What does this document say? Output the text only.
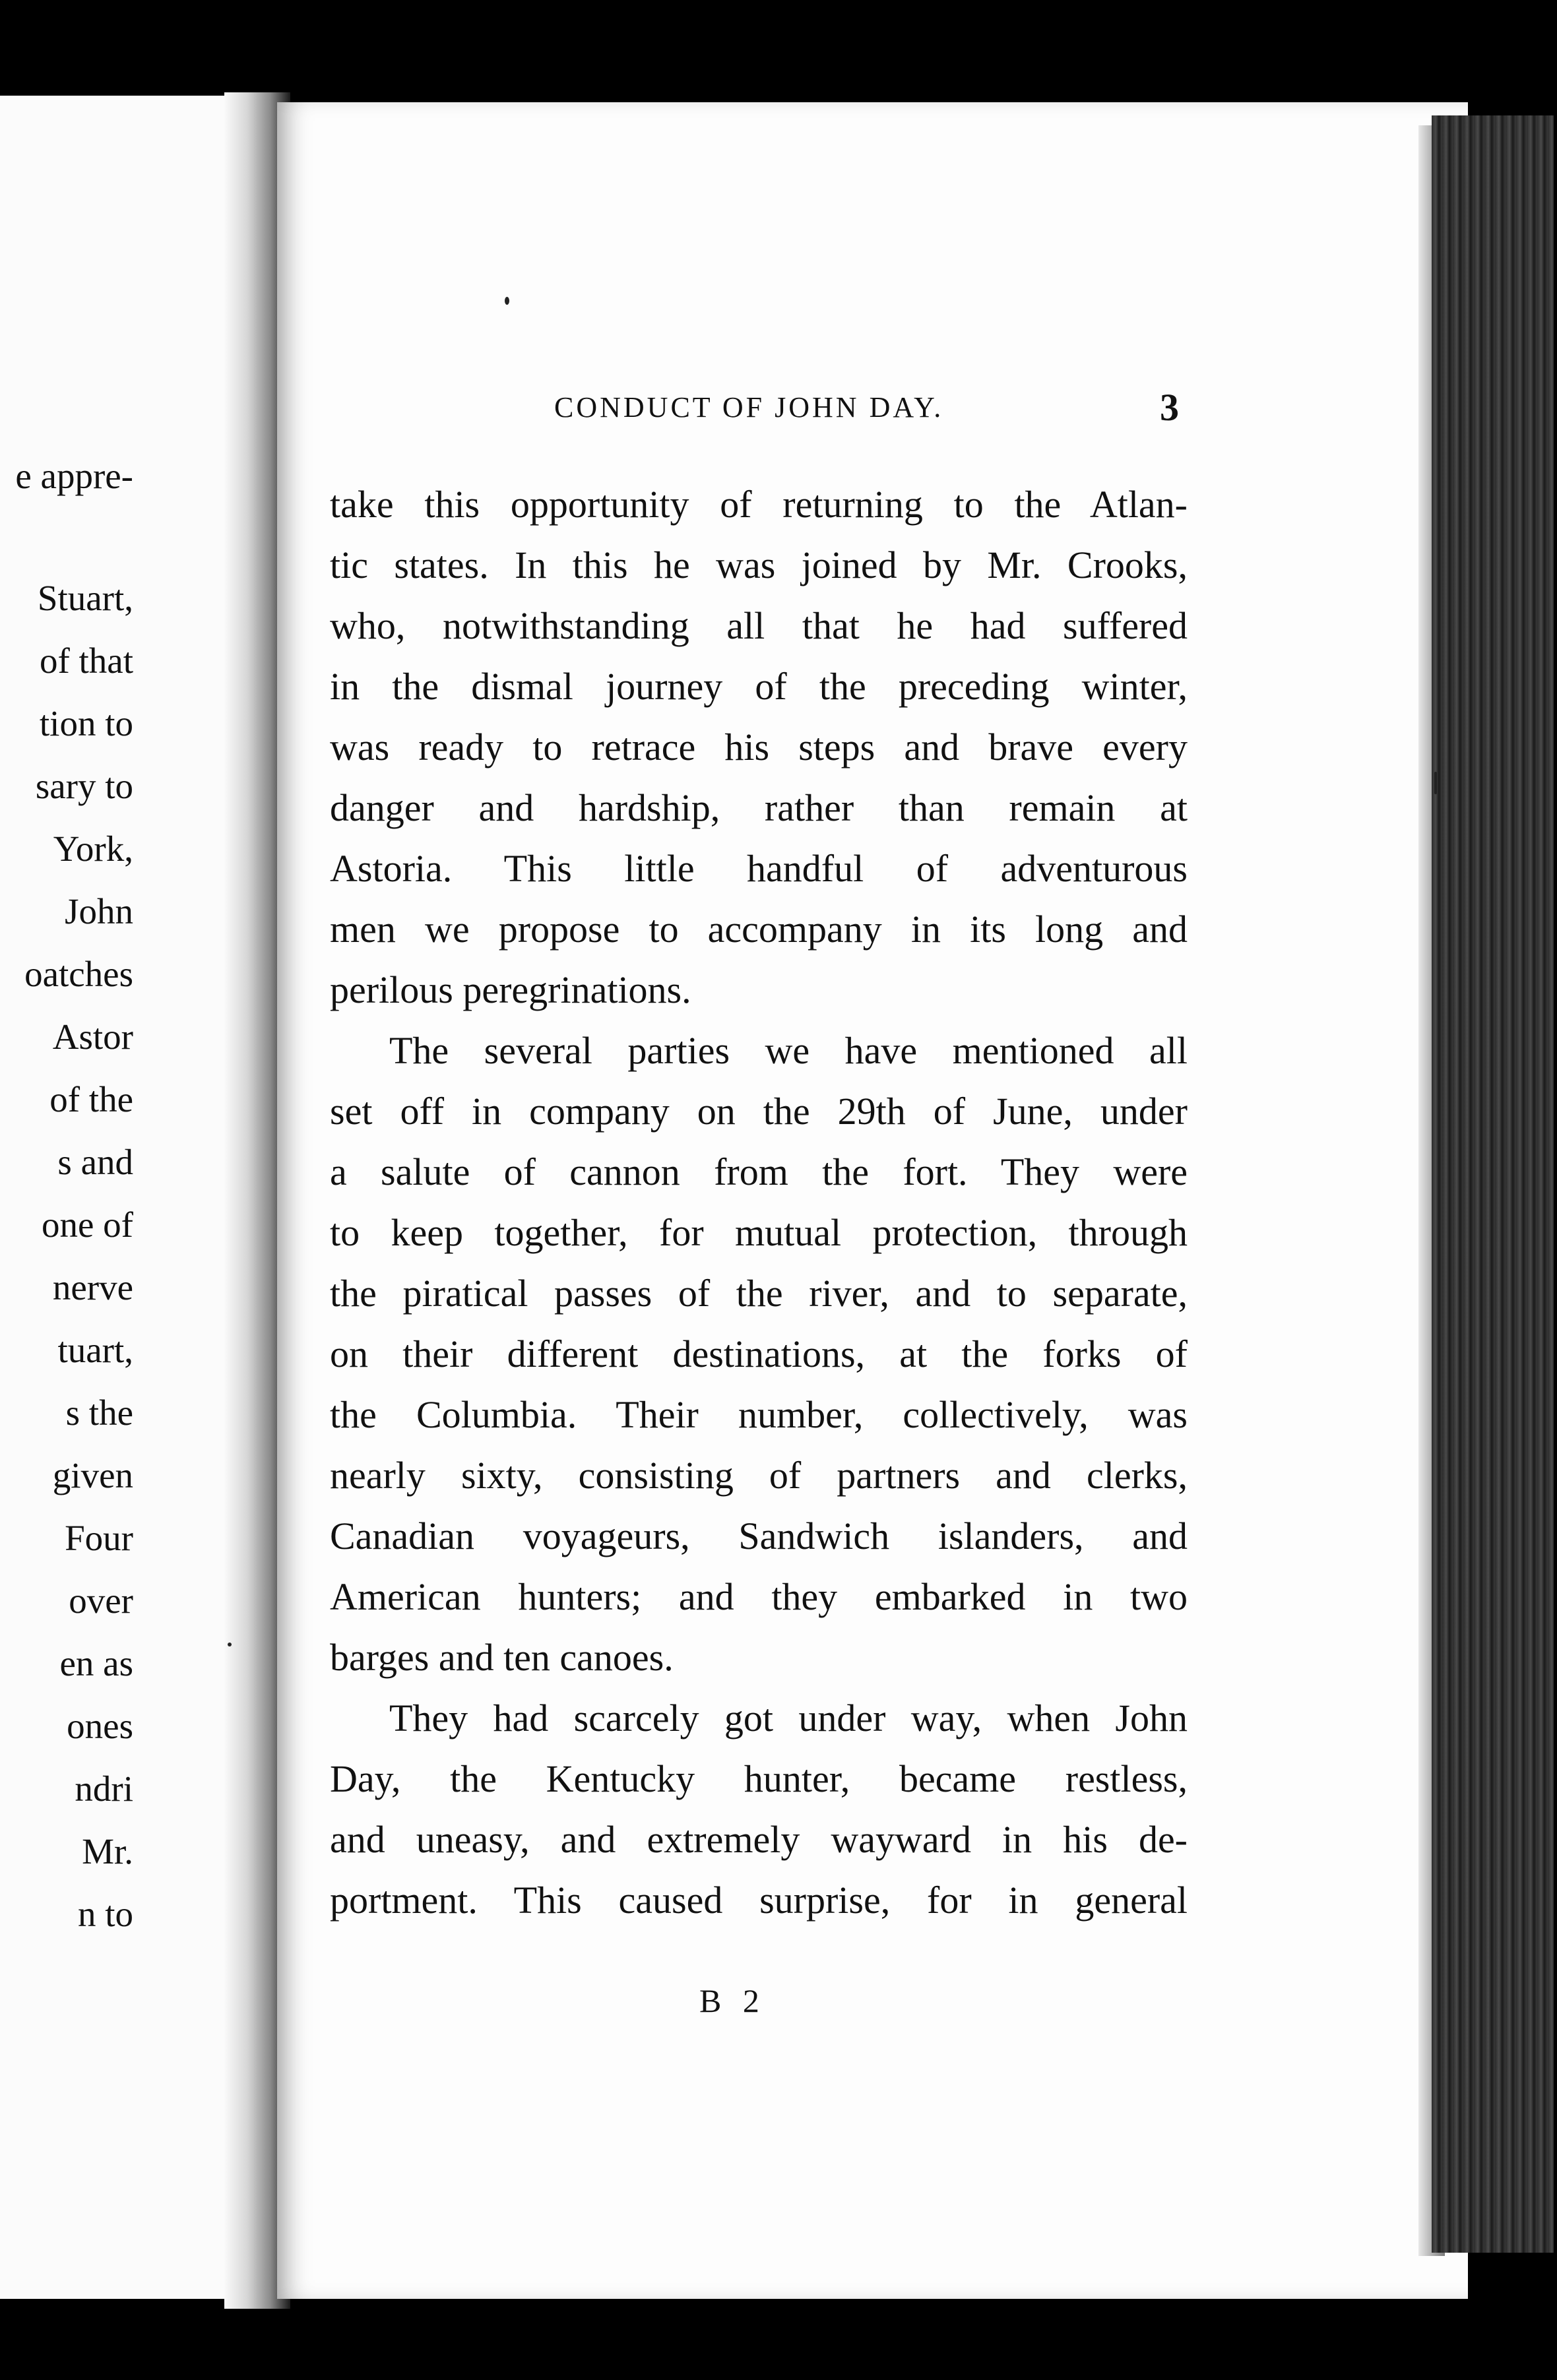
e appre-
Stuart,
of that
tion to
sary to
York,
John
oatches
Astor
of the
s and
one of
nerve
tuart,
s the
given
Four
over
en as
ones
ndri
Mr.
n to
CONDUCT OF JOHN DAY.	3
take this opportunity of returning to the Atlan-
tic states. In this he was joined by Mr. Crooks,
who, notwithstanding all that he had suffered
in the dismal journey of the preceding winter,
was ready to retrace his steps and brave every
danger and hardship, rather than remain at
Astoria. This little handful of adventurous
men we propose to accompany in its long and
perilous peregrinations.
The several parties we have mentioned all
set off in company on the 29th of June, under
a salute of cannon from the fort. They were
to keep together, for mutual protection, through
the piratical passes of the river, and to separate,
on their different destinations, at the forks of
the Columbia. Their number, collectively, was
nearly sixty, consisting of partners and clerks,
Canadian voyageurs, Sandwich islanders, and
American hunters; and they embarked in two
barges and ten canoes.
They had scarcely got under way, when John
Day, the Kentucky hunter, became restless,
and uneasy, and extremely wayward in his de-
portment. This caused surprise, for in general
B 2
